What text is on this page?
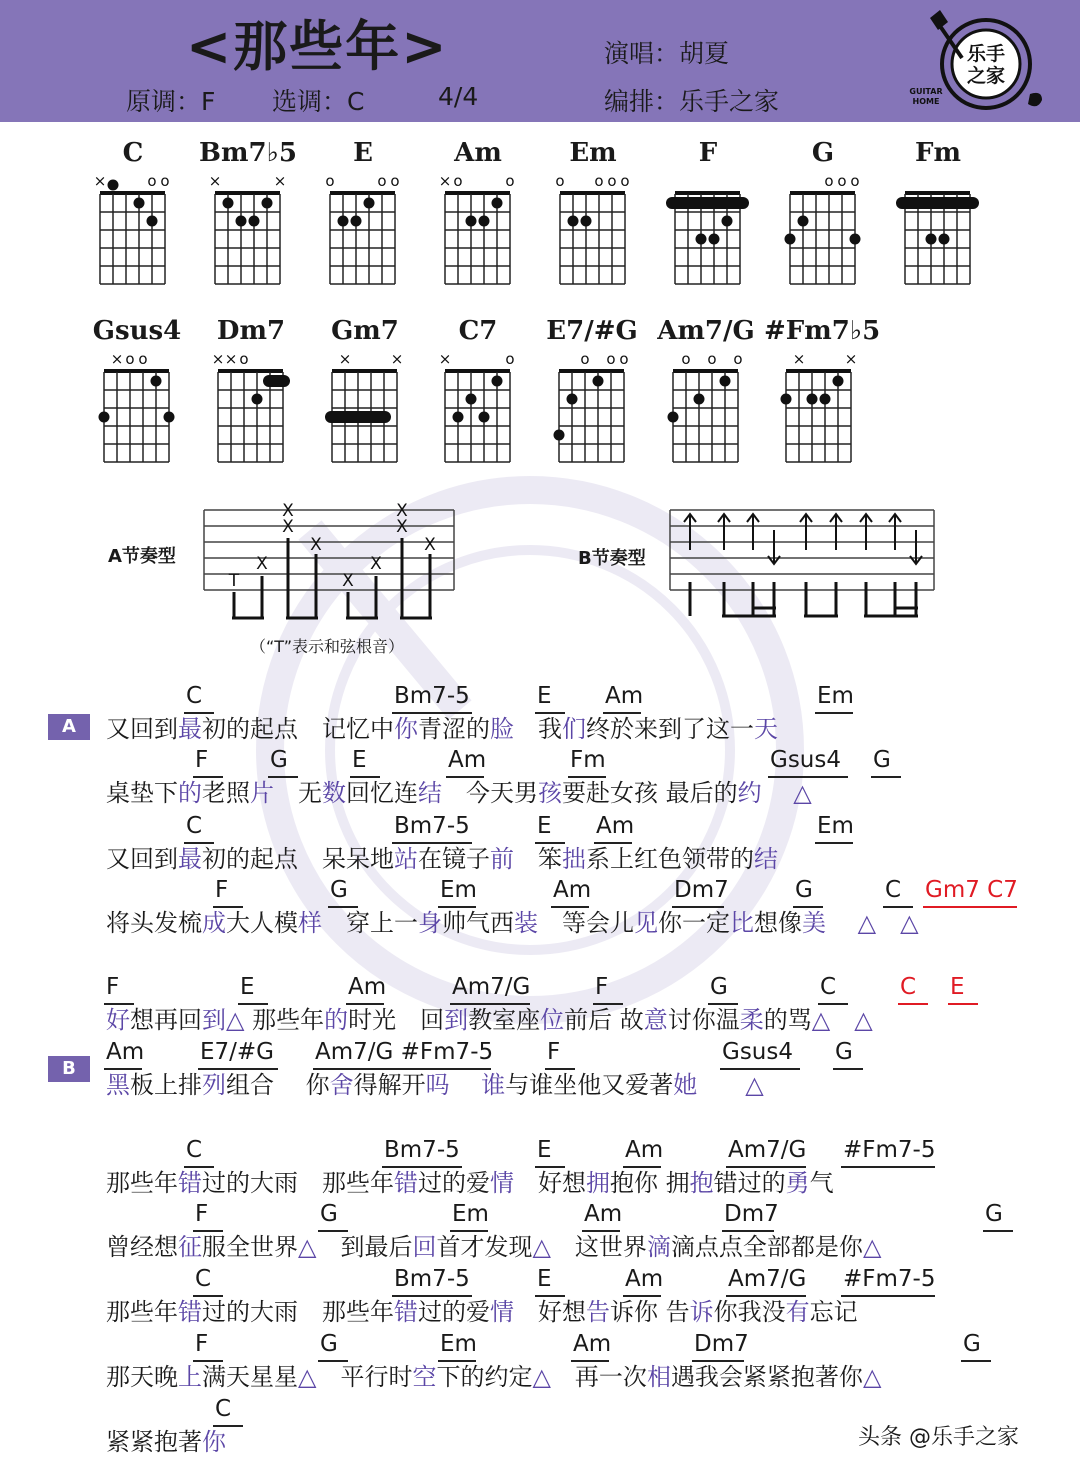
<那些年>
原调：F 选调：C	4/4
演唱：胡夏
编排：乐手之家
乐手
之家
GUITAR
HOME
C
×	o o
Bm7♭5
×	×
E
o	o o
Am
× o	o
Em
o o o o
F	G
o o o
Fm
Gsus4
× o o
Dm7
× × o
Gm7
×	×
C7
×	o
E7/#G
o o o
Am7/G
o o o
#Fm7♭5
×	×
A节奏型
T
X
X
X
X
X
X
X
X
X
（“T”表示和弦根音）
B节奏型
A
B
C	Bm7-5	E Am	Em
又回到最初的起点　记忆中你青涩的脸　我们终於来到了这一天
F	G	E	Am	Fm	Gsus4 G
桌垫下的老照片　无数回忆连结　今天男孩要赴女孩 最后的约　 △
C	Bm7-5	E Am	Em
又回到最初的起点　呆呆地站在镜子前　笨拙系上红色领带的结
F	G	Em	Am	Dm7	G	C Gm7 C7
将头发梳成大人模样　穿上一身帅气西装　等会儿见你一定比想像美　 △　 △
F	E	Am	Am7/G	F	G	C	C E
好想再回到△ 那些年的时光　回到教室座位前后 故意讨你温柔的骂△　 △
Am E7/#G Am7/G #Fm7-5 F	Gsus4 G
黑板上排列组合　 你舍得解开吗　 谁与谁坐他又爱著她　　 △
C	Bm7-5	E	Am	Am7/G #Fm7-5
那些年错过的大雨　那些年错过的爱情　好想拥抱你 拥抱错过的勇气
F	G	Em	Am	Dm7	G
曾经想征服全世界△　到最后回首才发现△　这世界滴滴点点全部都是你△
C	Bm7-5	E	Am	Am7/G #Fm7-5
那些年错过的大雨　那些年错过的爱情　好想告诉你 告诉你我没有忘记
F	G	Em	Am	Dm7	G
那天晚上满天星星△　平行时空下的约定△　再一次相遇我会紧紧抱著你△
C
紧紧抱著你	头条 @乐手之家
